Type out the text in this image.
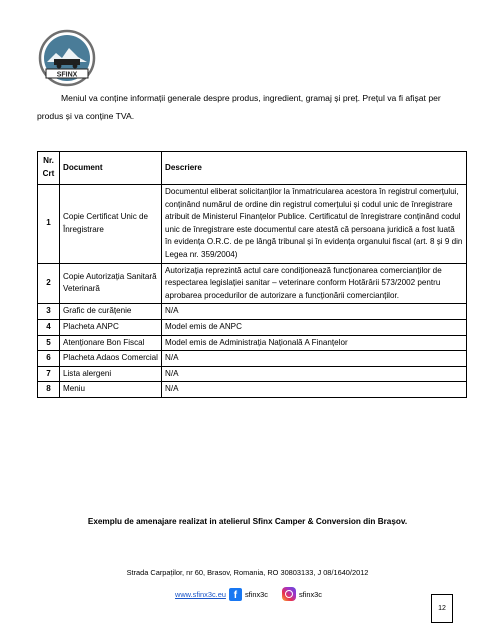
SFINX
Meniul va conține informații generale despre produs, ingredient, gramaj și preț. Prețul va fi afișat per
produs și va conține TVA.
Nr. Crt	Document	Descriere
1	Copie Certificat Unic de Înregistrare	Documentul eliberat solicitanților la înmatricularea acestora în registrul comerțului, conținând numărul de ordine din registrul comerțului și codul unic de înregistrare atribuit de Ministerul Finanțelor Publice. Certificatul de înregistrare conținând codul unic de înregistrare este documentul care atestă că persoana juridică a fost luată în evidența O.R.C. de pe lângă tribunal și în evidența organului fiscal (art. 8 și 9 din Legea nr. 359/2004)
2	Copie Autorizația Sanitară Veterinară	Autorizația reprezintă actul care condiționează funcționarea comercianților de respectarea legislației sanitar – veterinare conform Hotărârii 573/2002 pentru aprobarea procedurilor de autorizare a funcționării comercianților.
3	Grafic de curățenie	N/A
4	Placheta ANPC	Model emis de ANPC
5	Atenționare Bon Fiscal	Model emis de Administrația Națională A Finanțelor
6	Placheta Adaos Comercial	N/A
7	Lista alergeni	N/A
8	Meniu	N/A
Exemplu de amenajare realizat in atelierul Sfinx Camper & Conversion din Brașov.
Strada Carpaților, nr 60, Brasov, Romania, RO 30803133, J 08/1640/2012
www.sfinx3c.eu f	sfinx3c	sfinx3c
12
